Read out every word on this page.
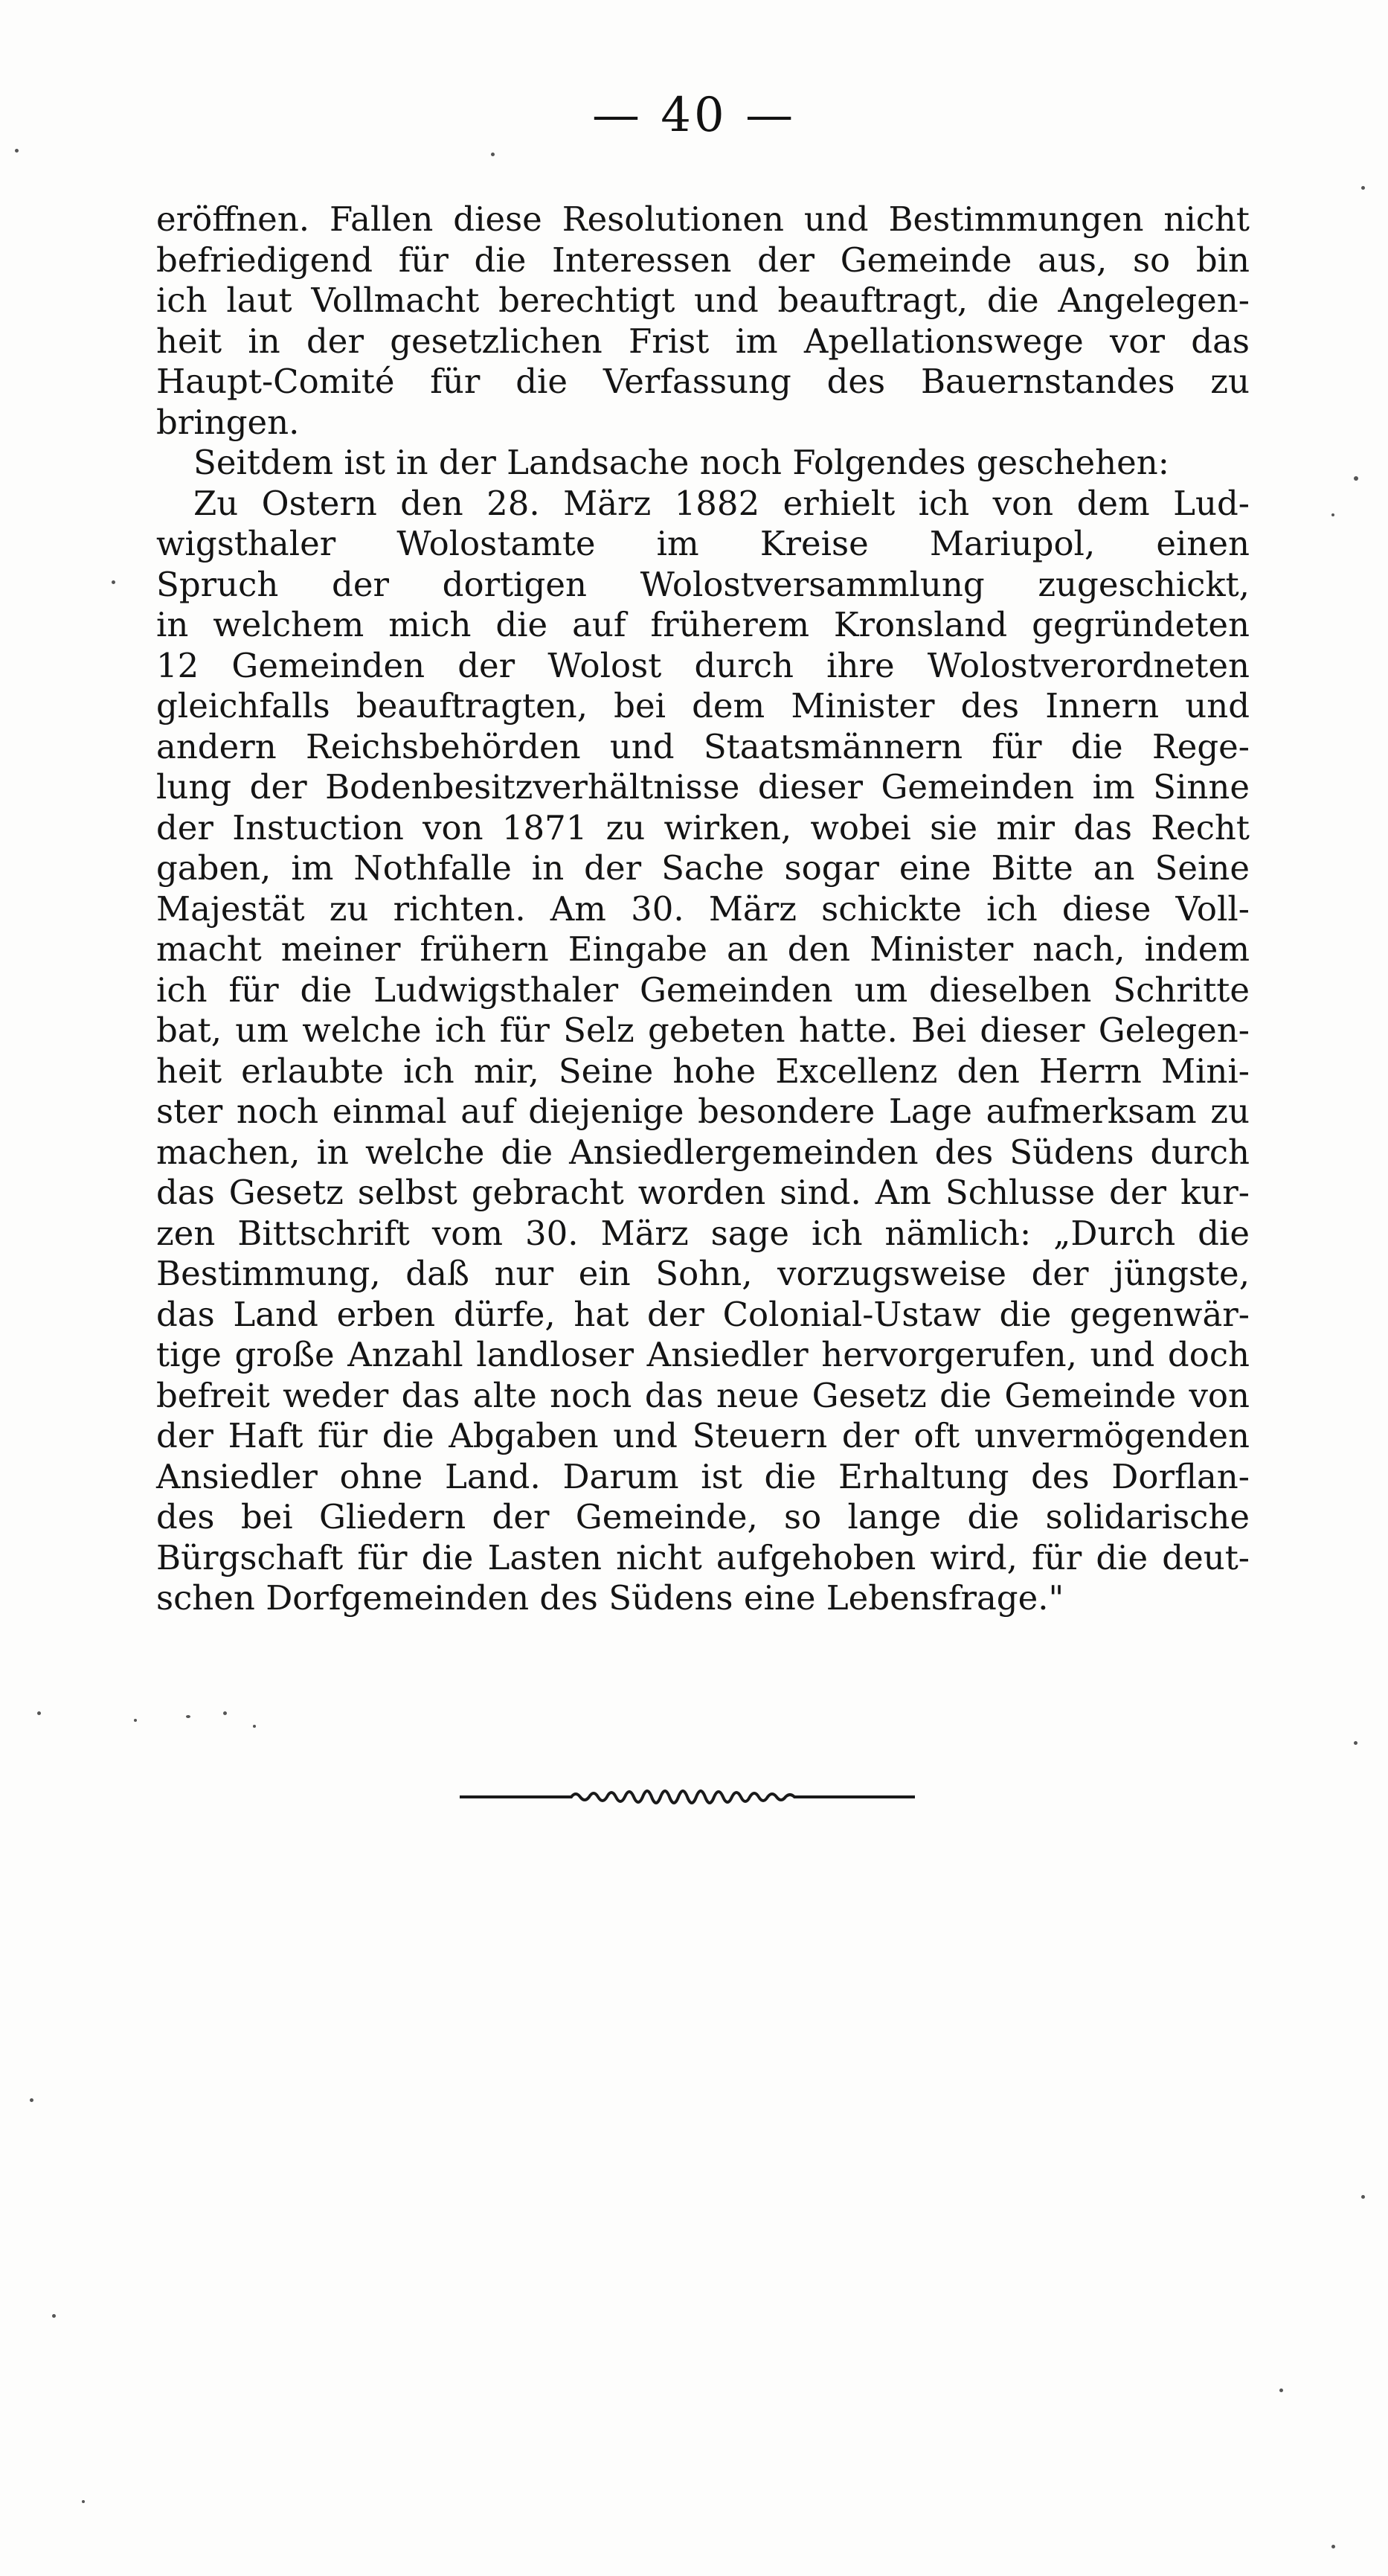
— 40 —
eröffnen. Fallen diese Resolutionen und Bestimmungen nicht
befriedigend für die Interessen der Gemeinde aus, so bin
ich laut Vollmacht berechtigt und beauftragt, die Angelegen-
heit in der gesetzlichen Frist im Apellationswege vor das
Haupt-Comité für die Verfassung des Bauernstandes zu
bringen.
Seitdem ist in der Landsache noch Folgendes geschehen:
Zu Ostern den 28. März 1882 erhielt ich von dem Lud-
wigsthaler Wolostamte im Kreise Mariupol, einen
Spruch der dortigen Wolostversammlung zugeschickt,
in welchem mich die auf früherem Kronsland gegründeten
12 Gemeinden der Wolost durch ihre Wolostverordneten
gleichfalls beauftragten, bei dem Minister des Innern und
andern Reichsbehörden und Staatsmännern für die Rege-
lung der Bodenbesitzverhältnisse dieser Gemeinden im Sinne
der Instuction von 1871 zu wirken, wobei sie mir das Recht
gaben, im Nothfalle in der Sache sogar eine Bitte an Seine
Majestät zu richten. Am 30. März schickte ich diese Voll-
macht meiner frühern Eingabe an den Minister nach, indem
ich für die Ludwigsthaler Gemeinden um dieselben Schritte
bat, um welche ich für Selz gebeten hatte. Bei dieser Gelegen-
heit erlaubte ich mir, Seine hohe Excellenz den Herrn Mini-
ster noch einmal auf diejenige besondere Lage aufmerksam zu
machen, in welche die Ansiedlergemeinden des Südens durch
das Gesetz selbst gebracht worden sind. Am Schlusse der kur-
zen Bittschrift vom 30. März sage ich nämlich: „Durch die
Bestimmung, daß nur ein Sohn, vorzugsweise der jüngste,
das Land erben dürfe, hat der Colonial-Ustaw die gegenwär-
tige große Anzahl landloser Ansiedler hervorgerufen, und doch
befreit weder das alte noch das neue Gesetz die Gemeinde von
der Haft für die Abgaben und Steuern der oft unvermögenden
Ansiedler ohne Land. Darum ist die Erhaltung des Dorflan-
des bei Gliedern der Gemeinde, so lange die solidarische
Bürgschaft für die Lasten nicht aufgehoben wird, für die deut-
schen Dorfgemeinden des Südens eine Lebensfrage."
